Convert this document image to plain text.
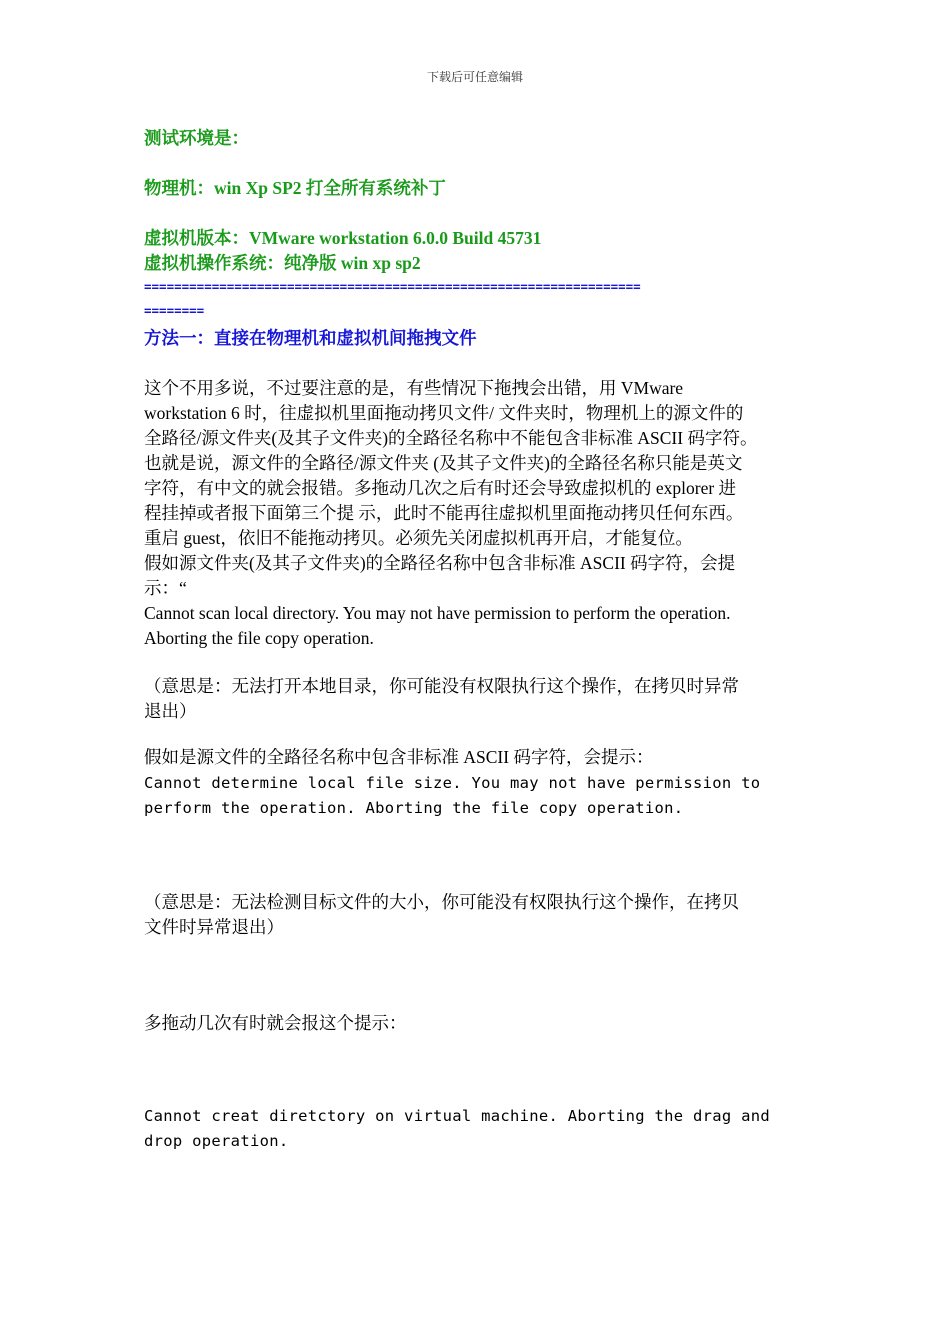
下载后可任意编辑
测试环境是：
物理机：win Xp SP2 打全所有系统补丁
虚拟机版本：VMware workstation 6.0.0 Build 45731
虚拟机操作系统：纯净版 win xp sp2
==================================================================
========
方法一：直接在物理机和虚拟机间拖拽文件
这个不用多说，不过要注意的是，有些情况下拖拽会出错，用 VMware
workstation 6 时，往虚拟机里面拖动拷贝文件/ 文件夹时，物理机上的源文件的
全路径/源文件夹(及其子文件夹)的全路径名称中不能包含非标准 ASCII 码字符。
也就是说，源文件的全路径/源文件夹 (及其子文件夹)的全路径名称只能是英文
字符，有中文的就会报错。多拖动几次之后有时还会导致虚拟机的 explorer 进
程挂掉或者报下面第三个提 示，此时不能再往虚拟机里面拖动拷贝任何东西。
重启 guest，依旧不能拖动拷贝。必须先关闭虚拟机再开启，才能复位。
假如源文件夹(及其子文件夹)的全路径名称中包含非标准 ASCII 码字符，会提
示：“
Cannot scan local directory. You may not have permission to perform the operation.
Aborting the file copy operation.
（意思是：无法打开本地目录，你可能没有权限执行这个操作，在拷贝时异常
退出）
假如是源文件的全路径名称中包含非标准 ASCII 码字符，会提示：
Cannot determine local file size. You may not have permission to
perform the operation. Aborting the file copy operation.
（意思是：无法检测目标文件的大小，你可能没有权限执行这个操作，在拷贝
文件时异常退出）
多拖动几次有时就会报这个提示：
Cannot creat diretctory on virtual machine. Aborting the drag and
drop operation.
